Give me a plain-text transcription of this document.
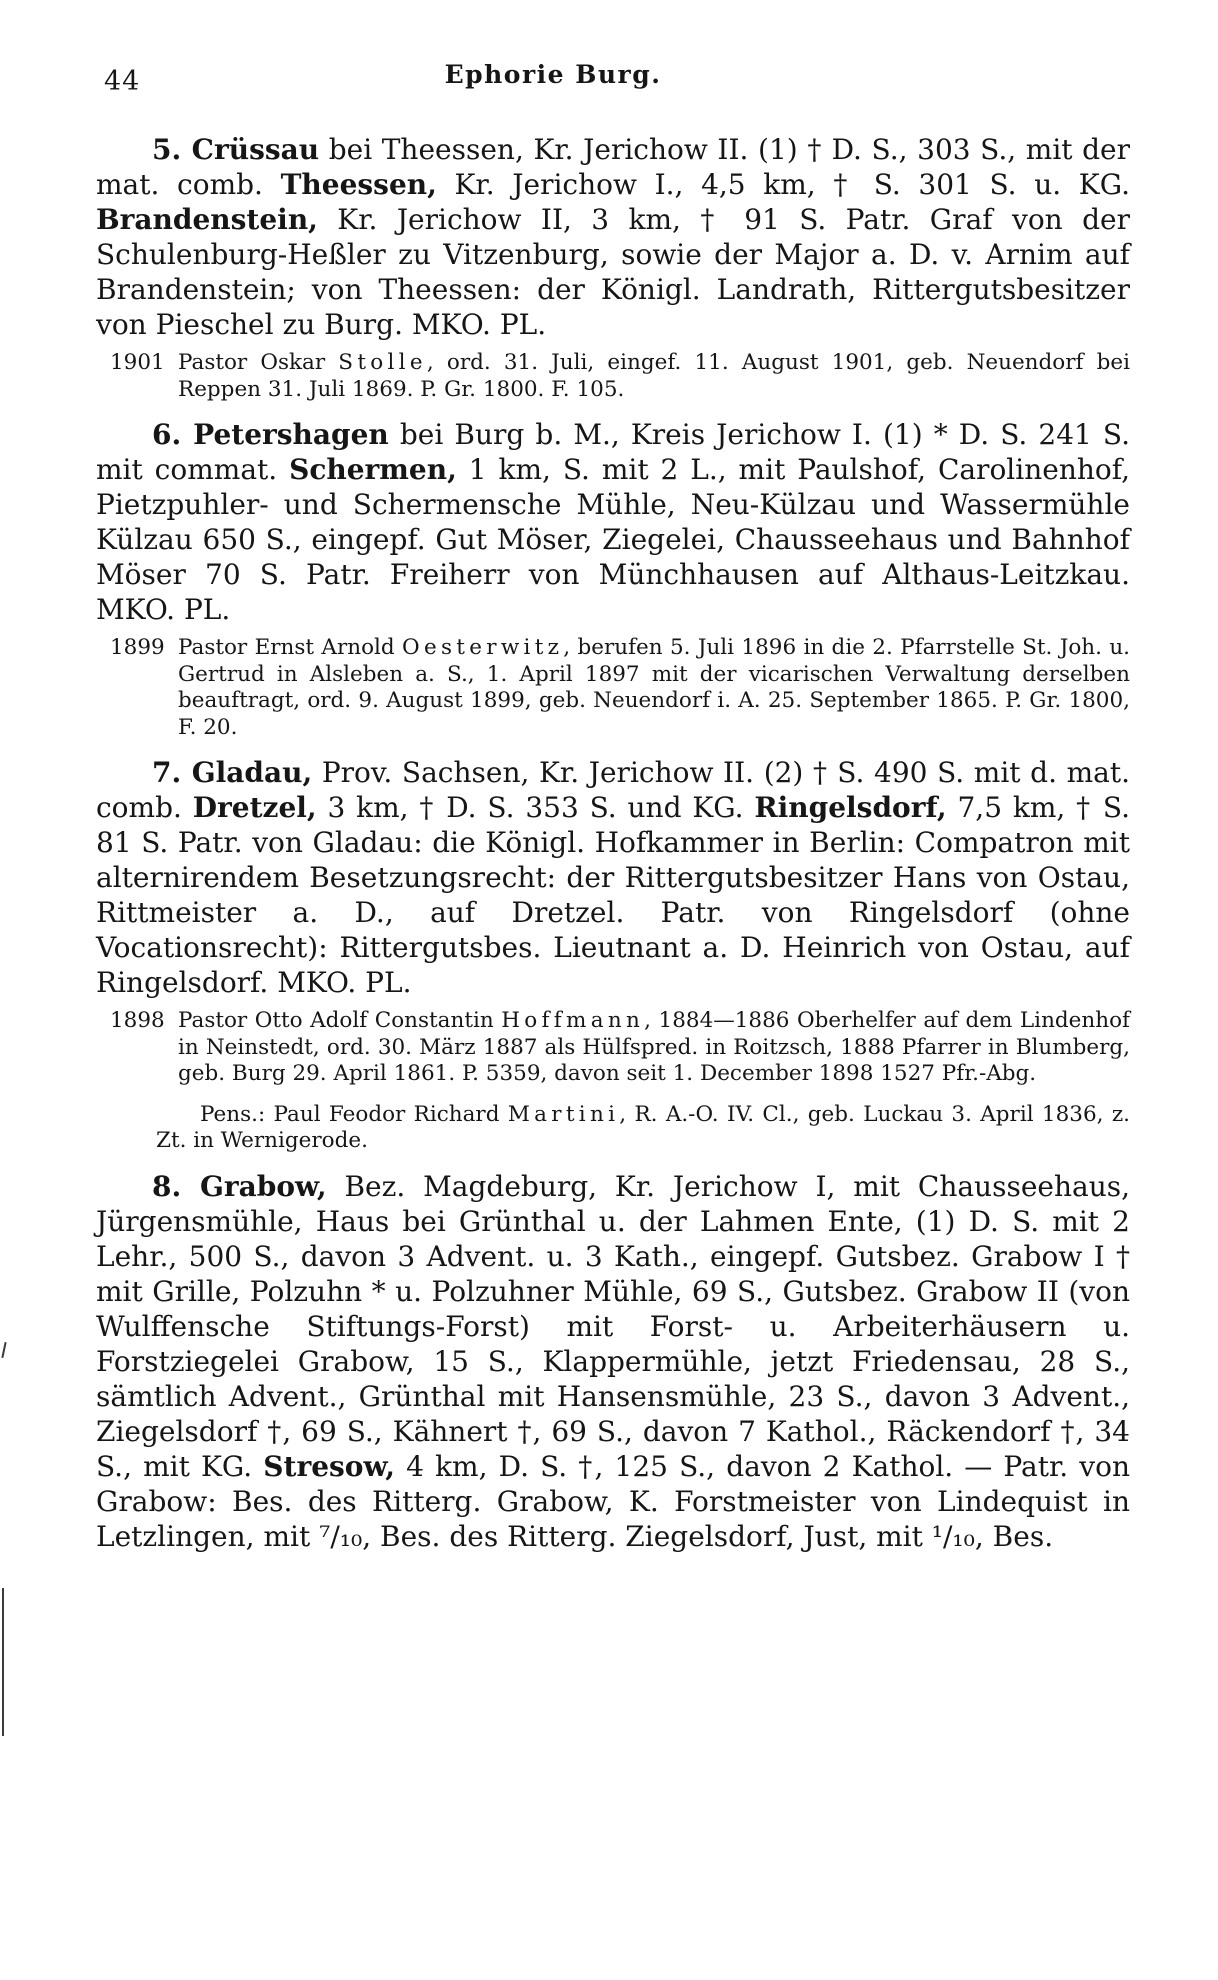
44	Ephorie Burg.

5. Crüssau bei Theessen, Kr. Jerichow II. (1) † D. S., 303 S., mit der mat. comb. Theessen, Kr. Jerichow I., 4,5 km, † S. 301 S. u. KG. Brandenstein, Kr. Jerichow II, 3 km, † 91 S. Patr. Graf von der Schulenburg-Heßler zu Vitzenburg, sowie der Major a. D. v. Arnim auf Brandenstein; von Theessen: der Königl. Landrath, Rittergutsbesitzer von Pieschel zu Burg. MKO. PL.

1901 Pastor Oskar Stolle, ord. 31. Juli, eingef. 11. August 1901, geb. Neuendorf bei Reppen 31. Juli 1869. P. Gr. 1800. F. 105.

6. Petershagen bei Burg b. M., Kreis Jerichow I. (1) * D. S. 241 S. mit commat. Schermen, 1 km, S. mit 2 L., mit Paulshof, Carolinenhof, Pietzpuhler- und Schermensche Mühle, Neu-Külzau und Wassermühle Külzau 650 S., eingepf. Gut Möser, Ziegelei, Chausseehaus und Bahnhof Möser 70 S. Patr. Freiherr von Münchhausen auf Althaus-Leitzkau. MKO. PL.

1899 Pastor Ernst Arnold Oesterwitz, berufen 5. Juli 1896 in die 2. Pfarrstelle St. Joh. u. Gertrud in Alsleben a. S., 1. April 1897 mit der vicarischen Verwaltung derselben beauftragt, ord. 9. August 1899, geb. Neuendorf i. A. 25. September 1865. P. Gr. 1800, F. 20.

7. Gladau, Prov. Sachsen, Kr. Jerichow II. (2) † S. 490 S. mit d. mat. comb. Dretzel, 3 km, † D. S. 353 S. und KG. Ringelsdorf, 7,5 km, † S. 81 S. Patr. von Gladau: die Königl. Hofkammer in Berlin: Compatron mit alternirendem Besetzungsrecht: der Rittergutsbesitzer Hans von Ostau, Rittmeister a. D., auf Dretzel. Patr. von Ringelsdorf (ohne Vocationsrecht): Rittergutsbes. Lieutnant a. D. Heinrich von Ostau, auf Ringelsdorf. MKO. PL.

1898 Pastor Otto Adolf Constantin Hoffmann, 1884—1886 Oberhelfer auf dem Lindenhof in Neinstedt, ord. 30. März 1887 als Hülfspred. in Roitzsch, 1888 Pfarrer in Blumberg, geb. Burg 29. April 1861. P. 5359, davon seit 1. December 1898 1527 Pfr.-Abg.
Pens.: Paul Feodor Richard Martini, R. A.-O. IV. Cl., geb. Luckau 3. April 1836, z. Zt. in Wernigerode.

8. Grabow, Bez. Magdeburg, Kr. Jerichow I, mit Chausseehaus, Jürgensmühle, Haus bei Grünthal u. der Lahmen Ente, (1) D. S. mit 2 Lehr., 500 S., davon 3 Advent. u. 3 Kath., eingepf. Gutsbez. Grabow I † mit Grille, Polzuhn * u. Polzuhner Mühle, 69 S., Gutsbez. Grabow II (von Wulffensche Stiftungs-Forst) mit Forst- u. Arbeiterhäusern u. Forstziegelei Grabow, 15 S., Klappermühle, jetzt Friedensau, 28 S., sämtlich Advent., Grünthal mit Hansensmühle, 23 S., davon 3 Advent., Ziegelsdorf †, 69 S., Kähnert †, 69 S., davon 7 Kathol., Räckendorf †, 34 S., mit KG. Stresow, 4 km, D. S. †, 125 S., davon 2 Kathol. — Patr. von Grabow: Bes. des Ritterg. Grabow, K. Forstmeister von Lindequist in Letzlingen, mit ⁷/₁₀, Bes. des Ritterg. Ziegelsdorf, Just, mit ¹/₁₀, Bes.
